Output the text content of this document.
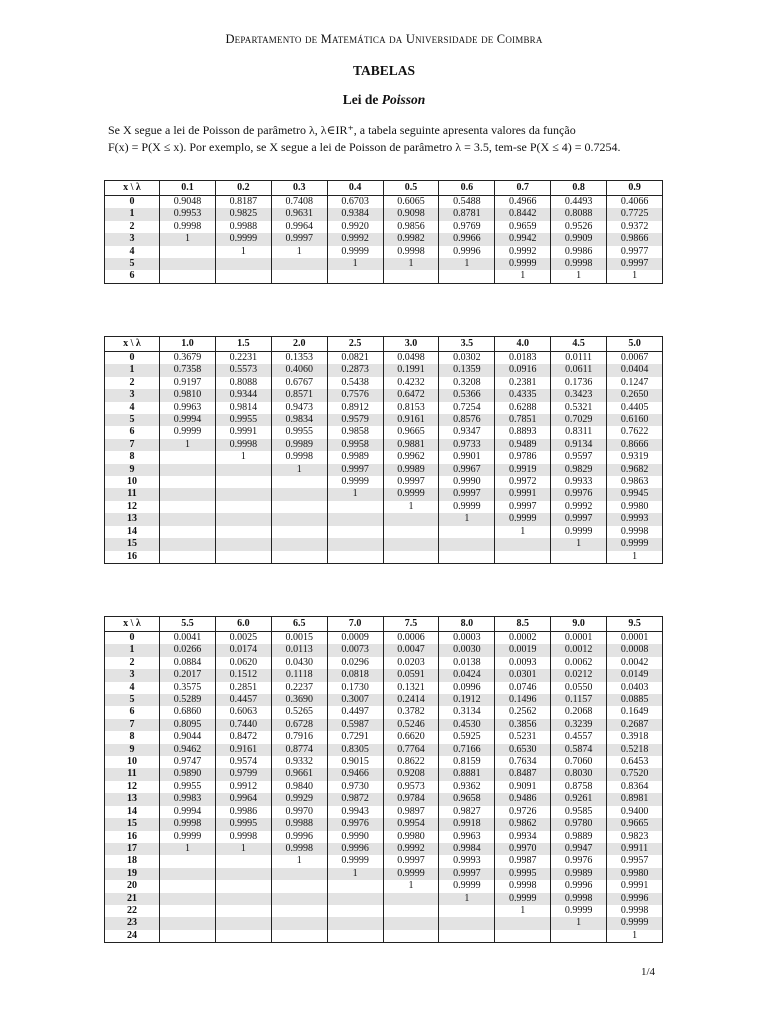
Departamento de Matemática da Universidade de Coimbra
TABELAS
Lei de Poisson
Se X segue a lei de Poisson de parâmetro λ, λ∈IR⁺, a tabela seguinte apresenta valores da função
F(x) = P(X ≤ x). Por exemplo, se X segue a lei de Poisson de parâmetro λ = 3.5, tem-se P(X ≤ 4) = 0.7254.
x \ λ	0.1	0.2	0.3	0.4	0.5	0.6	0.7	0.8	0.9
0	0.9048	0.8187	0.7408	0.6703	0.6065	0.5488	0.4966	0.4493	0.4066
1	0.9953	0.9825	0.9631	0.9384	0.9098	0.8781	0.8442	0.8088	0.7725
2	0.9998	0.9988	0.9964	0.9920	0.9856	0.9769	0.9659	0.9526	0.9372
3	1	0.9999	0.9997	0.9992	0.9982	0.9966	0.9942	0.9909	0.9866
4		1	1	0.9999	0.9998	0.9996	0.9992	0.9986	0.9977
5				1	1	1	0.9999	0.9998	0.9997
6							1	1	1
x \ λ	1.0	1.5	2.0	2.5	3.0	3.5	4.0	4.5	5.0
0	0.3679	0.2231	0.1353	0.0821	0.0498	0.0302	0.0183	0.0111	0.0067
1	0.7358	0.5573	0.4060	0.2873	0.1991	0.1359	0.0916	0.0611	0.0404
2	0.9197	0.8088	0.6767	0.5438	0.4232	0.3208	0.2381	0.1736	0.1247
3	0.9810	0.9344	0.8571	0.7576	0.6472	0.5366	0.4335	0.3423	0.2650
4	0.9963	0.9814	0.9473	0.8912	0.8153	0.7254	0.6288	0.5321	0.4405
5	0.9994	0.9955	0.9834	0.9579	0.9161	0.8576	0.7851	0.7029	0.6160
6	0.9999	0.9991	0.9955	0.9858	0.9665	0.9347	0.8893	0.8311	0.7622
7	1	0.9998	0.9989	0.9958	0.9881	0.9733	0.9489	0.9134	0.8666
8		1	0.9998	0.9989	0.9962	0.9901	0.9786	0.9597	0.9319
9			1	0.9997	0.9989	0.9967	0.9919	0.9829	0.9682
10				0.9999	0.9997	0.9990	0.9972	0.9933	0.9863
11				1	0.9999	0.9997	0.9991	0.9976	0.9945
12					1	0.9999	0.9997	0.9992	0.9980
13						1	0.9999	0.9997	0.9993
14							1	0.9999	0.9998
15								1	0.9999
16									1
x \ λ	5.5	6.0	6.5	7.0	7.5	8.0	8.5	9.0	9.5
0	0.0041	0.0025	0.0015	0.0009	0.0006	0.0003	0.0002	0.0001	0.0001
1	0.0266	0.0174	0.0113	0.0073	0.0047	0.0030	0.0019	0.0012	0.0008
2	0.0884	0.0620	0.0430	0.0296	0.0203	0.0138	0.0093	0.0062	0.0042
3	0.2017	0.1512	0.1118	0.0818	0.0591	0.0424	0.0301	0.0212	0.0149
4	0.3575	0.2851	0.2237	0.1730	0.1321	0.0996	0.0746	0.0550	0.0403
5	0.5289	0.4457	0.3690	0.3007	0.2414	0.1912	0.1496	0.1157	0.0885
6	0.6860	0.6063	0.5265	0.4497	0.3782	0.3134	0.2562	0.2068	0.1649
7	0.8095	0.7440	0.6728	0.5987	0.5246	0.4530	0.3856	0.3239	0.2687
8	0.9044	0.8472	0.7916	0.7291	0.6620	0.5925	0.5231	0.4557	0.3918
9	0.9462	0.9161	0.8774	0.8305	0.7764	0.7166	0.6530	0.5874	0.5218
10	0.9747	0.9574	0.9332	0.9015	0.8622	0.8159	0.7634	0.7060	0.6453
11	0.9890	0.9799	0.9661	0.9466	0.9208	0.8881	0.8487	0.8030	0.7520
12	0.9955	0.9912	0.9840	0.9730	0.9573	0.9362	0.9091	0.8758	0.8364
13	0.9983	0.9964	0.9929	0.9872	0.9784	0.9658	0.9486	0.9261	0.8981
14	0.9994	0.9986	0.9970	0.9943	0.9897	0.9827	0.9726	0.9585	0.9400
15	0.9998	0.9995	0.9988	0.9976	0.9954	0.9918	0.9862	0.9780	0.9665
16	0.9999	0.9998	0.9996	0.9990	0.9980	0.9963	0.9934	0.9889	0.9823
17	1	1	0.9998	0.9996	0.9992	0.9984	0.9970	0.9947	0.9911
18			1	0.9999	0.9997	0.9993	0.9987	0.9976	0.9957
19				1	0.9999	0.9997	0.9995	0.9989	0.9980
20					1	0.9999	0.9998	0.9996	0.9991
21						1	0.9999	0.9998	0.9996
22							1	0.9999	0.9998
23								1	0.9999
24									1
1/4
